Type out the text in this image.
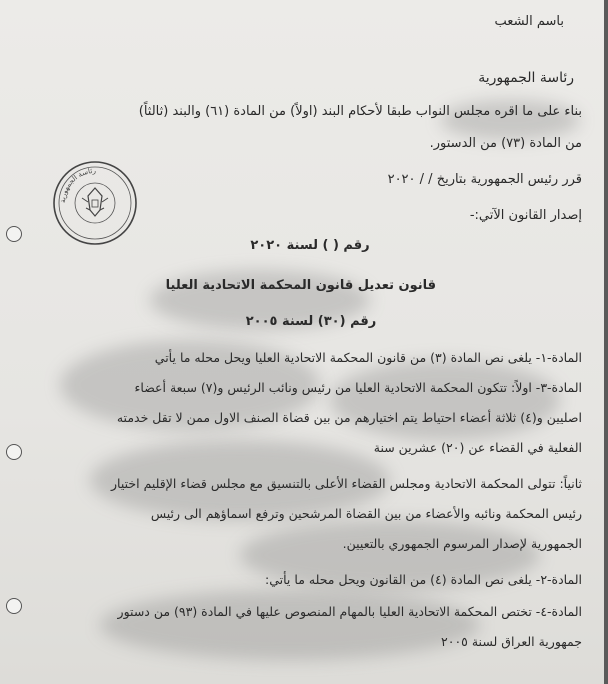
رئاسة الجمهورية
باسم الشعب
رئاسة الجمهورية
بناء على ما اقره مجلس النواب طبقا لأحكام البند (اولاً) من المادة (٦١) والبند (ثالثاً)
من المادة (٧٣) من الدستور.
قرر رئيس الجمهورية بتاريخ / / ٢٠٢٠
إصدار القانون الآتي:-
رقم ( ) لسنة ٢٠٢٠
قانون تعديل قانون المحكمة الاتحادية العليا
رقم (٣٠) لسنة ٢٠٠٥
المادة-١- يلغى نص المادة (٣) من قانون المحكمة الاتحادية العليا ويحل محله ما يأتي
المادة-٣- اولاً: تتكون المحكمة الاتحادية العليا من رئيس ونائب الرئيس و(٧) سبعة أعضاء
اصليين و(٤) ثلاثة أعضاء احتياط يتم اختيارهم من بين قضاة الصنف الاول ممن لا تقل خدمته
الفعلية في القضاء عن (٢٠) عشرين سنة
ثانياً: تتولى المحكمة الاتحادية ومجلس القضاء الأعلى بالتنسيق مع مجلس قضاء الإقليم اختيار
رئيس المحكمة ونائبه والأعضاء من بين القضاة المرشحين وترفع اسماؤهم الى رئيس
الجمهورية لإصدار المرسوم الجمهوري بالتعيين.
المادة-٢- يلغى نص المادة (٤) من القانون ويحل محله ما يأتي:
المادة-٤- تختص المحكمة الاتحادية العليا بالمهام المنصوص عليها في المادة (٩٣) من دستور
جمهورية العراق لسنة ٢٠٠٥
